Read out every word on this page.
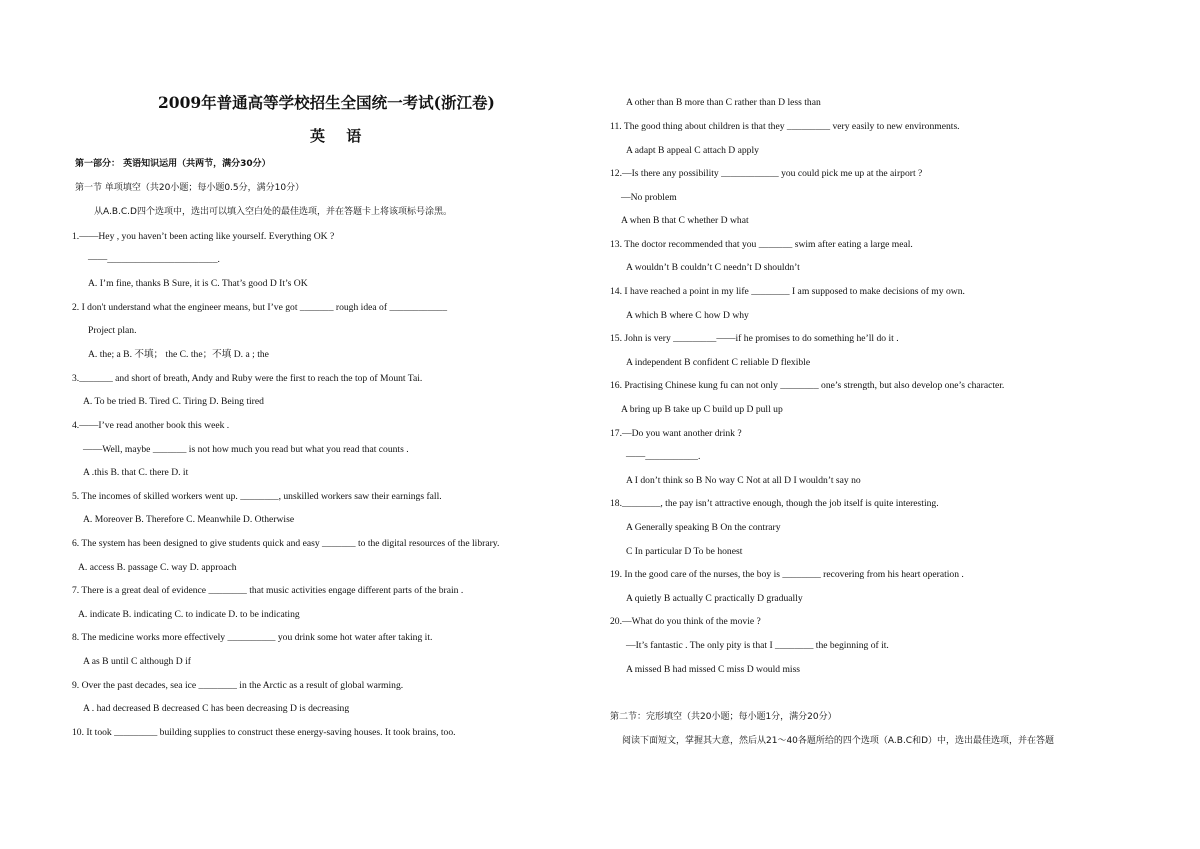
2009年普通高等学校招生全国统一考试(浙江卷)
英 语
第一部分： 英语知识运用（共两节，满分30分）
第一节 单项填空（共20小题；每小题0.5分，满分10分）
从A.B.C.D四个选项中，选出可以填入空白处的最佳选项，并在答题卡上将该项标号涂黑。
1.——Hey , you haven’t been acting like yourself. Everything OK ?
——_______________________.
A. I’m fine, thanks B Sure, it is C. That’s good D It’s OK
2. I don't understand what the engineer means, but I’ve got _______ rough idea of ____________
Project plan.
A. the; a B. 不填； the C. the；不填 D. a ; the
3._______ and short of breath, Andy and Ruby were the first to reach the top of Mount Tai.
A. To be tried B. Tired C. Tiring D. Being tired
4.——I’ve read another book this week .
——Well, maybe _______ is not how much you read but what you read that counts .
A .this B. that C. there D. it
5. The incomes of skilled workers went up. ________, unskilled workers saw their earnings fall.
A. Moreover B. Therefore C. Meanwhile D. Otherwise
6. The system has been designed to give students quick and easy _______ to the digital resources of the library.
A. access B. passage C. way D. approach
7. There is a great deal of evidence ________ that music activities engage different parts of the brain .
A. indicate B. indicating C. to indicate D. to be indicating
8. The medicine works more effectively __________ you drink some hot water after taking it.
A as B until C although D if
9. Over the past decades, sea ice ________ in the Arctic as a result of global warming.
A . had decreased B decreased C has been decreasing D is decreasing
10. It took _________ building supplies to construct these energy-saving houses. It took brains, too.
A other than B more than C rather than D less than
11. The good thing about children is that they _________ very easily to new environments.
A adapt B appeal C attach D apply
12.—Is there any possibility ____________ you could pick me up at the airport ?
—No problem
A when B that C whether D what
13. The doctor recommended that you _______ swim after eating a large meal.
A wouldn’t B couldn’t C needn’t D shouldn’t
14. I have reached a point in my life ________ I am supposed to make decisions of my own.
A which B where C how D why
15. John is very _________——if he promises to do something he’ll do it .
A independent B confident C reliable D flexible
16. Practising Chinese kung fu can not only ________ one’s strength, but also develop one’s character.
A bring up B take up C build up D pull up
17.—Do you want another drink ?
——___________.
A I don’t think so B No way C Not at all D I wouldn’t say no
18.________, the pay isn’t attractive enough, though the job itself is quite interesting.
A Generally speaking B On the contrary
C In particular D To be honest
19. In the good care of the nurses, the boy is ________ recovering from his heart operation .
A quietly B actually C practically D gradually
20.—What do you think of the movie ?
—It’s fantastic . The only pity is that I ________ the beginning of it.
A missed B had missed C miss D would miss
第二节：完形填空（共20小题；每小题1分，满分20分）
阅读下面短文，掌握其大意，然后从21～40各题所给的四个选项（A.B.C和D）中，选出最佳选项，并在答题
